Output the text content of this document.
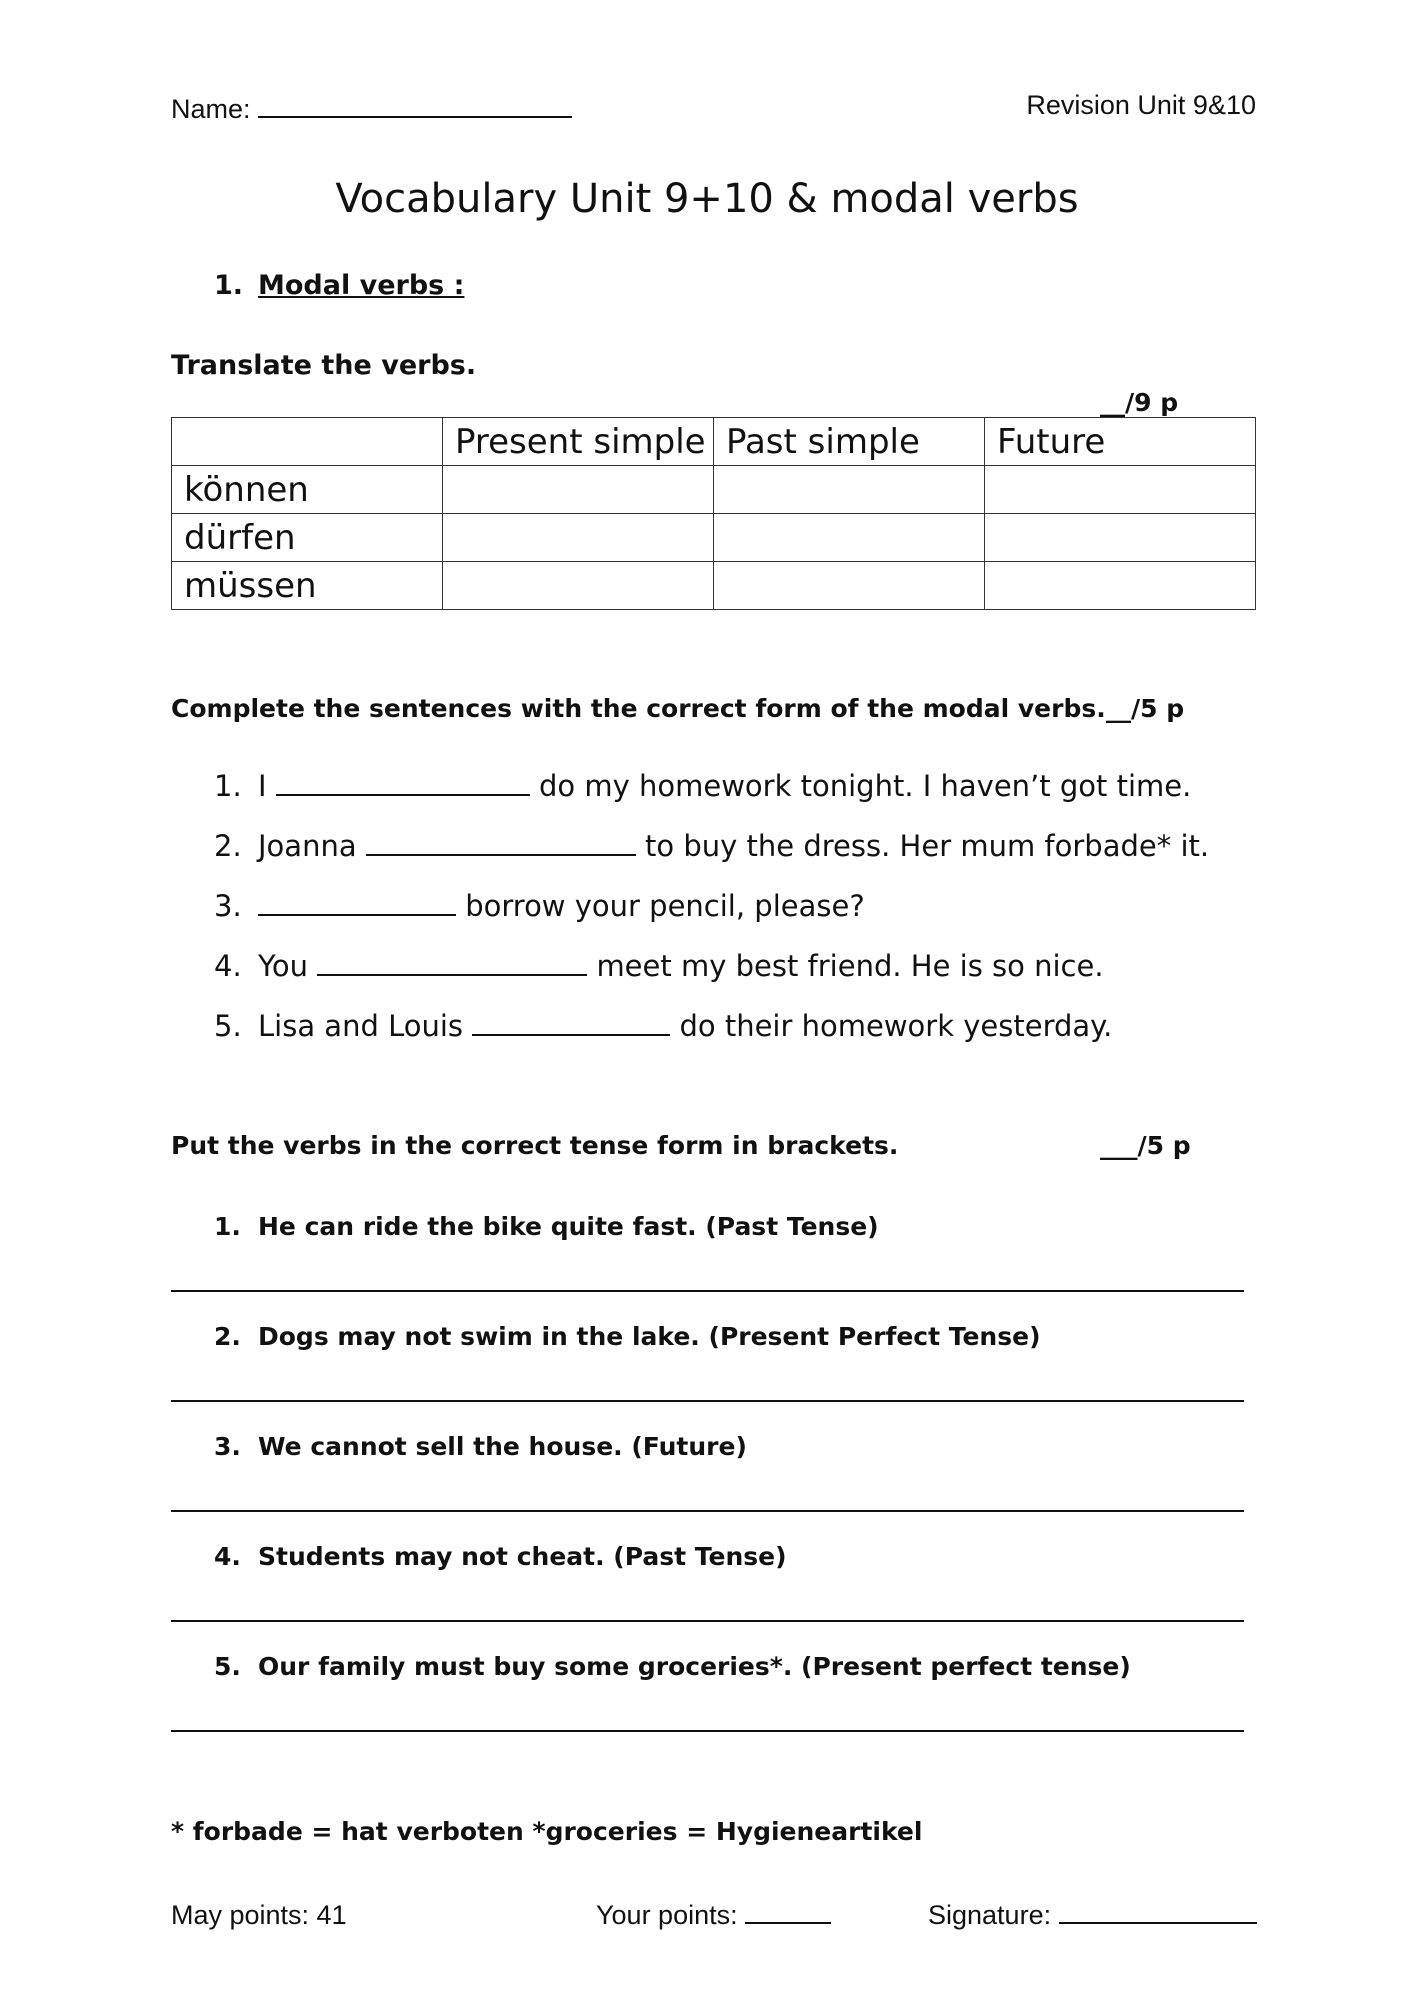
Name:	Revision Unit 9&10
Vocabulary Unit 9+10 & modal verbs
1. Modal verbs :
Translate the verbs.
__/9 p
	Present simple	Past simple	Future
können			
dürfen			
müssen			
Complete the sentences with the correct form of the modal verbs. __/5 p
1. I	do my homework tonight. I haven’t got time.
2. Joanna	to buy the dress. Her mum forbade* it.
3.	borrow your pencil, please?
4. You	meet my best friend. He is so nice.
5. Lisa and Louis	do their homework yesterday.
Put the verbs in the correct tense form in brackets.	___/5 p
1. He can ride the bike quite fast. (Past Tense)
2. Dogs may not swim in the lake. (Present Perfect Tense)
3. We cannot sell the house. (Future)
4. Students may not cheat. (Past Tense)
5. Our family must buy some groceries*. (Present perfect tense)
* forbade = hat verboten *groceries = Hygieneartikel
May points: 41	Your points:	Signature:
